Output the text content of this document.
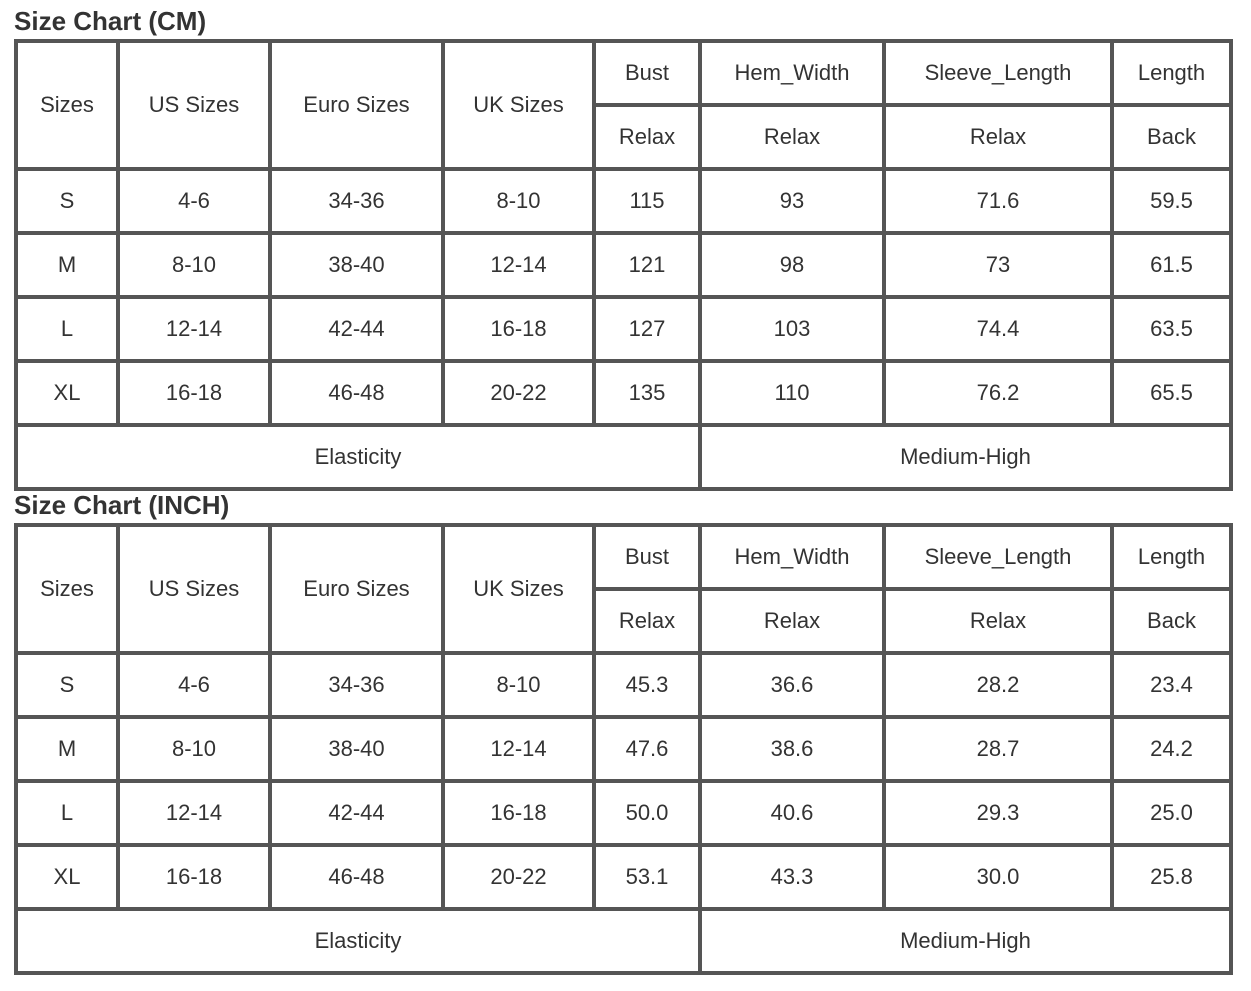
Size Chart (CM)
Sizes	US Sizes	Euro Sizes	UK Sizes	Bust	Hem_Width	Sleeve_Length	Length
				Relax	Relax	Relax	Back
S	4-6	34-36	8-10	115	93	71.6	59.5
M	8-10	38-40	12-14	121	98	73	61.5
L	12-14	42-44	16-18	127	103	74.4	63.5
XL	16-18	46-48	20-22	135	110	76.2	65.5
Elasticity					Medium-High		
Size Chart (INCH)
Sizes	US Sizes	Euro Sizes	UK Sizes	Bust	Hem_Width	Sleeve_Length	Length
				Relax	Relax	Relax	Back
S	4-6	34-36	8-10	45.3	36.6	28.2	23.4
M	8-10	38-40	12-14	47.6	38.6	28.7	24.2
L	12-14	42-44	16-18	50.0	40.6	29.3	25.0
XL	16-18	46-48	20-22	53.1	43.3	30.0	25.8
Elasticity					Medium-High		
